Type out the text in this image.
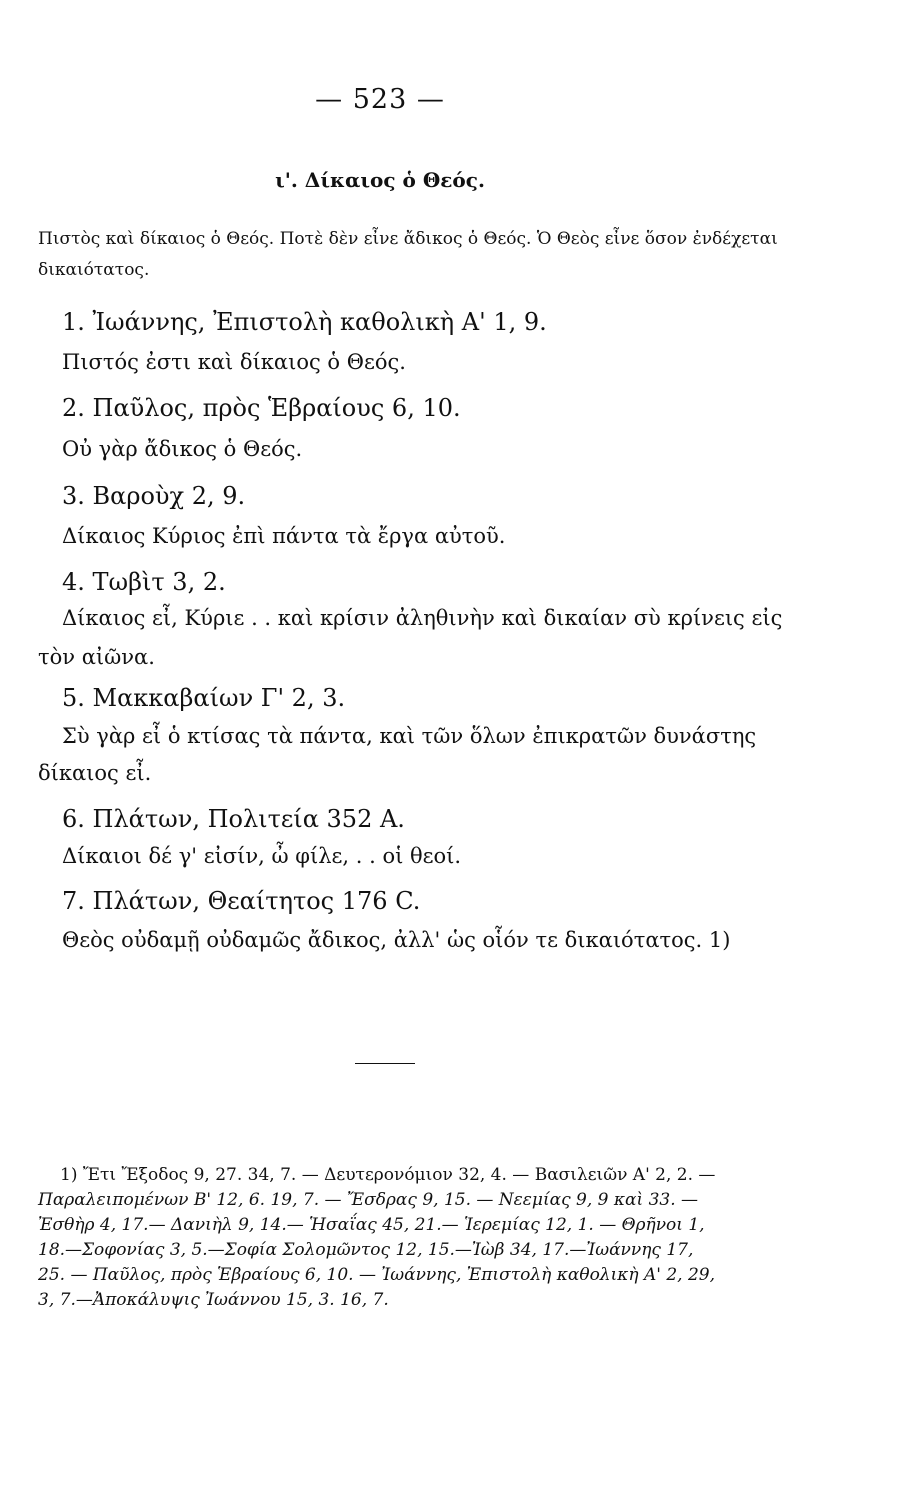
— 523 —
ι'. Δίκαιος ὁ Θεός.
Πιστὸς καὶ δίκαιος ὁ Θεός. Ποτὲ δὲν εἶνε ἄδικος ὁ Θεός. Ὁ Θεὸς εἶνε ὅσον ἐνδέχεται
δικαιότατος.
1. Ἰωάννης, Ἐπιστολὴ καθολικὴ Α' 1, 9.
Πιστός ἐστι καὶ δίκαιος ὁ Θεός.
2. Παῦλος, πρὸς Ἑβραίους 6, 10.
Οὐ γὰρ ἄδικος ὁ Θεός.
3. Βαροὺχ 2, 9.
Δίκαιος Κύριος ἐπὶ πάντα τὰ ἔργα αὐτοῦ.
4. Τωβὶτ 3, 2.
Δίκαιος εἶ, Κύριε . . καὶ κρίσιν ἀληθινὴν καὶ δικαίαν σὺ κρίνεις εἰς
τὸν αἰῶνα.
5. Μακκαβαίων Γ' 2, 3.
Σὺ γὰρ εἶ ὁ κτίσας τὰ πάντα, καὶ τῶν ὅλων ἐπικρατῶν δυνάστης
δίκαιος εἶ.
6. Πλάτων, Πολιτεία 352 Α.
Δίκαιοι δέ γ' εἰσίν, ὦ φίλε, . . οἱ θεοί.
7. Πλάτων, Θεαίτητος 176 C.
Θεὸς οὐδαμῇ οὐδαμῶς ἄδικος, ἀλλ' ὡς οἷόν τε δικαιότατος. 1)
1) Ἔτι Ἔξοδος 9, 27. 34, 7. — Δευτερονόμιον 32, 4. — Βασιλειῶν Α' 2, 2. —
Παραλειπομένων Β' 12, 6. 19, 7. — Ἔσδρας 9, 15. — Νεεμίας 9, 9 καὶ 33. —
Ἐσθὴρ 4, 17.— Δανιὴλ 9, 14.— Ἡσαΐας 45, 21.— Ἱερεμίας 12, 1. — Θρῆνοι 1,
18.—Σοφονίας 3, 5.—Σοφία Σολομῶντος 12, 15.—Ἰὼβ 34, 17.—Ἰωάννης 17,
25. — Παῦλος, πρὸς Ἑβραίους 6, 10. — Ἰωάννης, Ἐπιστολὴ καθολικὴ Α' 2, 29,
3, 7.—Ἀποκάλυψις Ἰωάννου 15, 3. 16, 7.
